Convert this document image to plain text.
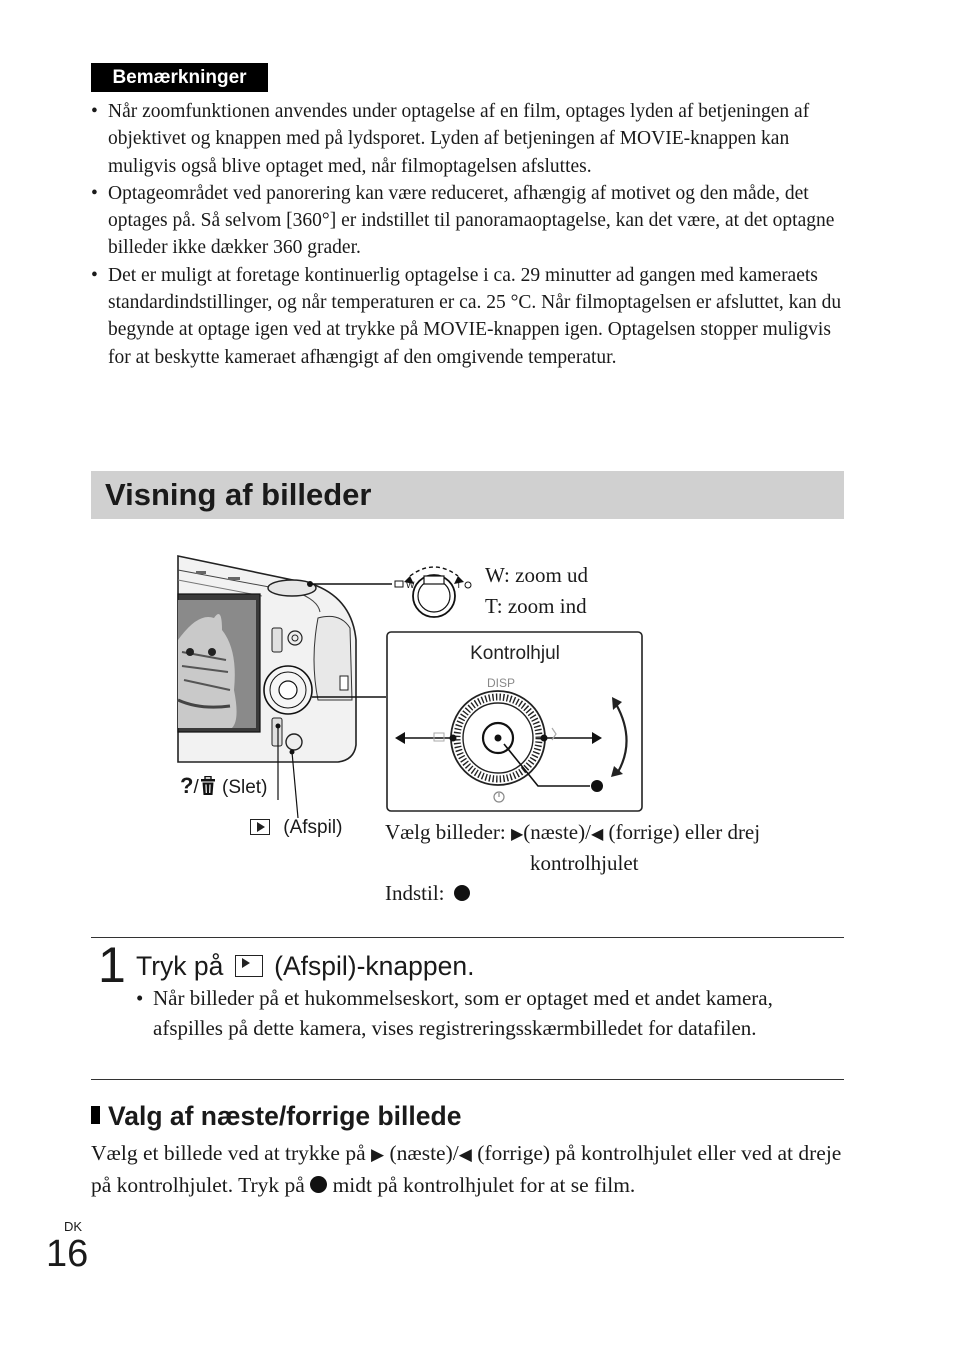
Bemærkninger
• Når zoomfunktionen anvendes under optagelse af en film, optages lyden af betjeningen af objektivet og knappen med på lydsporet. Lyden af betjeningen af MOVIE-knappen kan muligvis også blive optaget med, når filmoptagelsen afsluttes.
• Optageområdet ved panorering kan være reduceret, afhængig af motivet og den måde, det optages på. Så selvom [360°] er indstillet til panoramaoptagelse, kan det være, at det optagne billeder ikke dækker 360 grader.
• Det er muligt at foretage kontinuerlig optagelse i ca. 29 minutter ad gangen med kameraets standardindstillinger, og når temperaturen er ca. 25 °C. Når filmoptagelsen er afsluttet, kan du begynde at optage igen ved at trykke på MOVIE-knappen igen. Optagelsen stopper muligvis for at beskytte kameraet afhængigt af den omgivende temperatur.
Visning af billeder
W	T
Kontrolhjul
DISP
W: zoom ud
T: zoom ind
?/ (Slet)
(Afspil) Vælg billeder: ▶(næste)/◀ (forrige) eller drej
kontrolhjulet
Indstil:
1 Tryk på (Afspil)-knappen.
• Når billeder på et hukommelseskort, som er optaget med et andet kamera, afspilles på dette kamera, vises registreringsskærmbilledet for datafilen.
Valg af næste/forrige billede
Vælg et billede ved at trykke på ▶ (næste)/◀ (forrige) på kontrolhjulet eller ved at dreje på kontrolhjulet. Tryk på midt på kontrolhjulet for at se film.
DK
16
